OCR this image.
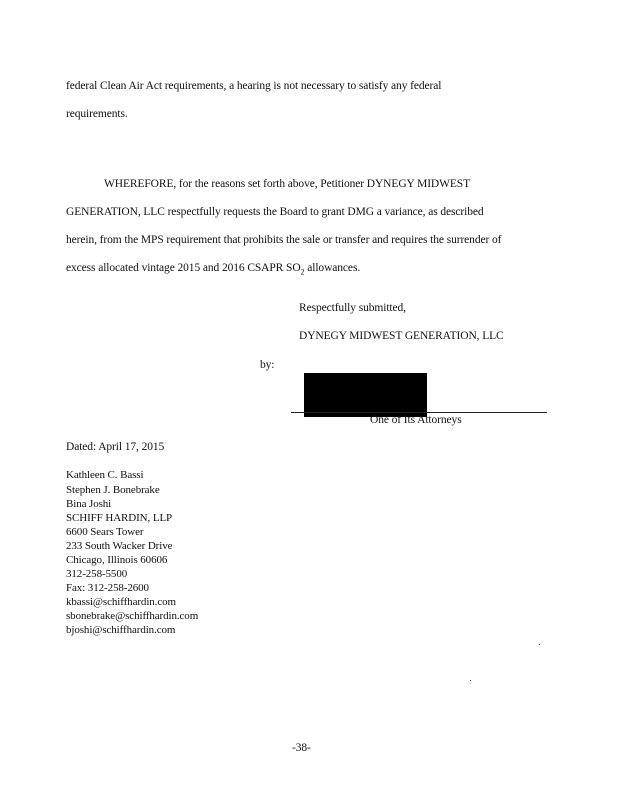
federal Clean Air Act requirements, a hearing is not necessary to satisfy any federal
requirements.
WHEREFORE, for the reasons set forth above, Petitioner DYNEGY MIDWEST
GENERATION, LLC respectfully requests the Board to grant DMG a variance, as described
herein, from the MPS requirement that prohibits the sale or transfer and requires the surrender of
excess allocated vintage 2015 and 2016 CSAPR $SO_2$ allowances.
Respectfully submitted,
DYNEGY MIDWEST GENERATION, LLC
by:
One of Its Attorneys
Dated: April 17, 2015
Kathleen C. Bassi
Stephen J. Bonebrake
Bina Joshi
SCHIFF HARDIN, LLP
6600 Sears Tower
233 South Wacker Drive
Chicago, Illinois 60606
312-258-5500
Fax: 312-258-2600
kbassi@schiffhardin.com
sbonebrake@schiffhardin.com
bjoshi@schiffhardin.com
-38-
